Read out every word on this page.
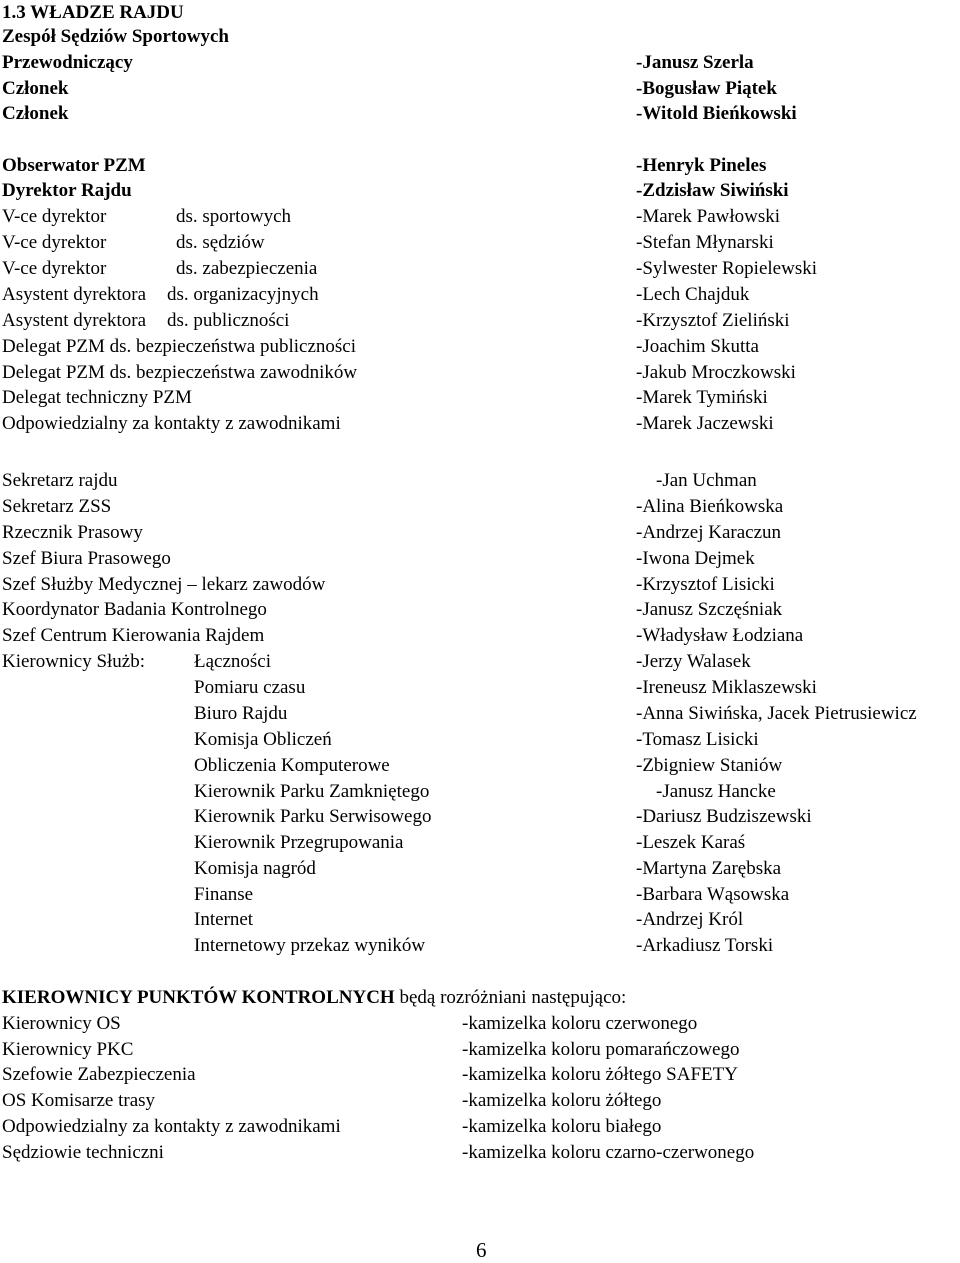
1.3 WŁADZE RAJDU
Zespół Sędziów Sportowych
Przewodniczący	-Janusz Szerla
Członek	-Bogusław Piątek
Członek	-Witold Bieńkowski
Obserwator PZM	-Henryk Pineles
Dyrektor Rajdu	-Zdzisław Siwiński
V-ce dyrektor	ds. sportowych	-Marek Pawłowski
V-ce dyrektor	ds. sędziów	-Stefan Młynarski
V-ce dyrektor	ds. zabezpieczenia	-Sylwester Ropielewski
Asystent dyrektora ds. organizacyjnych	-Lech Chajduk
Asystent dyrektora ds. publiczności	-Krzysztof Zieliński
Delegat PZM ds. bezpieczeństwa publiczności	-Joachim Skutta
Delegat PZM ds. bezpieczeństwa zawodników	-Jakub Mroczkowski
Delegat techniczny PZM	-Marek Tymiński
Odpowiedzialny za kontakty z zawodnikami	-Marek Jaczewski
Sekretarz rajdu	-Jan Uchman
Sekretarz ZSS	-Alina Bieńkowska
Rzecznik Prasowy	-Andrzej Karaczun
Szef Biura Prasowego	-Iwona Dejmek
Szef Służby Medycznej – lekarz zawodów	-Krzysztof Lisicki
Koordynator Badania Kontrolnego	-Janusz Szczęśniak
Szef Centrum Kierowania Rajdem	-Władysław Łodziana
Kierownicy Służb:	Łączności	-Jerzy Walasek
Pomiaru czasu	-Ireneusz Miklaszewski
Biuro Rajdu	-Anna Siwińska, Jacek Pietrusiewicz
Komisja Obliczeń	-Tomasz Lisicki
Obliczenia Komputerowe	-Zbigniew Staniów
Kierownik Parku Zamkniętego	-Janusz Hancke
Kierownik Parku Serwisowego	-Dariusz Budziszewski
Kierownik Przegrupowania	-Leszek Karaś
Komisja nagród	-Martyna Zarębska
Finanse	-Barbara Wąsowska
Internet	-Andrzej Król
Internetowy przekaz wyników	-Arkadiusz Torski
KIEROWNICY PUNKTÓW KONTROLNYCH będą rozróżniani następująco:
Kierownicy OS	-kamizelka koloru czerwonego
Kierownicy PKC	-kamizelka koloru pomarańczowego
Szefowie Zabezpieczenia	-kamizelka koloru żółtego SAFETY
OS Komisarze trasy	-kamizelka koloru żółtego
Odpowiedzialny za kontakty z zawodnikami	-kamizelka koloru białego
Sędziowie techniczni	-kamizelka koloru czarno-czerwonego
6
